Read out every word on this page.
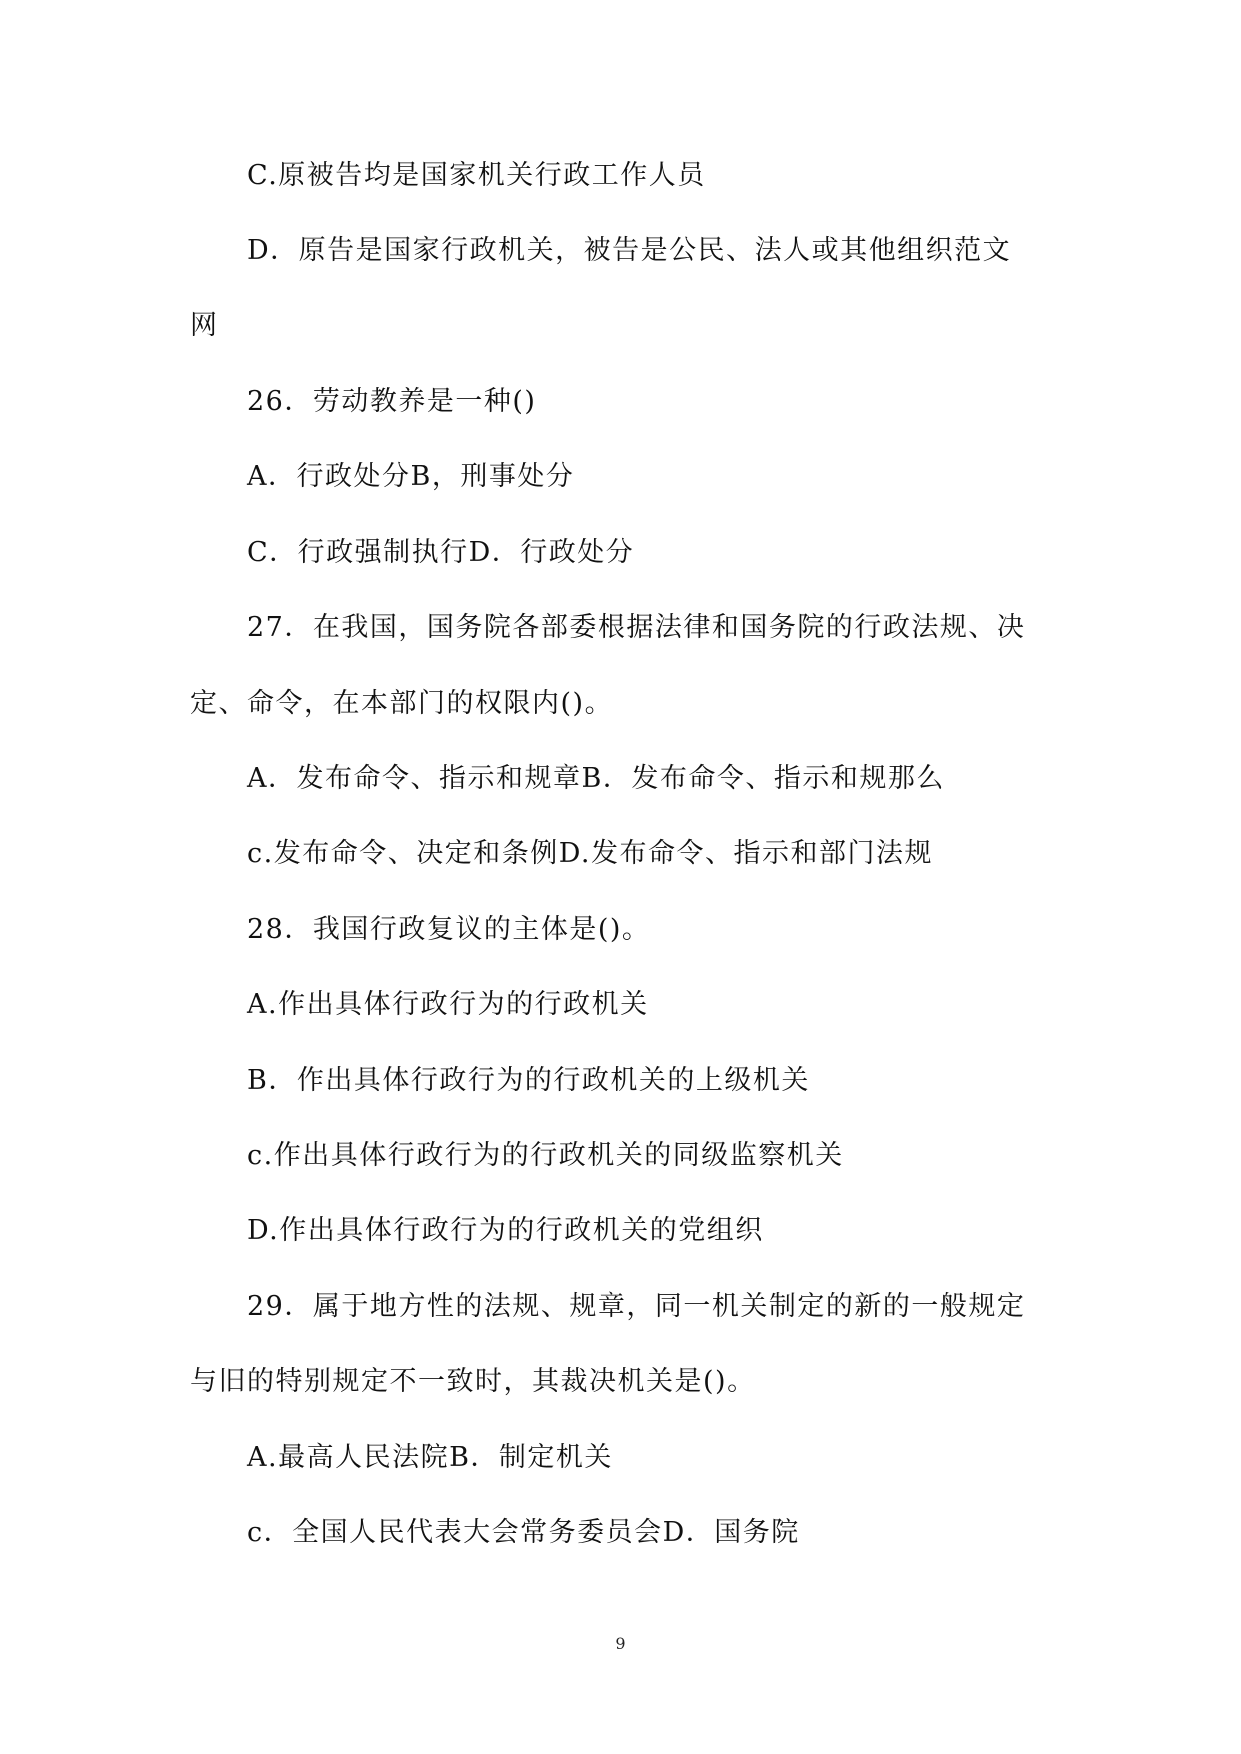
C.原被告均是国家机关行政工作人员
D．原告是国家行政机关，被告是公民、法人或其他组织范文
网
26．劳动教养是一种()
A．行政处分B，刑事处分
C．行政强制执行D．行政处分
27．在我国，国务院各部委根据法律和国务院的行政法规、决
定、命令，在本部门的权限内()。
A．发布命令、指示和规章B．发布命令、指示和规那么
c.发布命令、决定和条例D.发布命令、指示和部门法规
28．我国行政复议的主体是()。
A.作出具体行政行为的行政机关
B．作出具体行政行为的行政机关的上级机关
c.作出具体行政行为的行政机关的同级监察机关
D.作出具体行政行为的行政机关的党组织
29．属于地方性的法规、规章，同一机关制定的新的一般规定
与旧的特别规定不一致时，其裁决机关是()。
A.最高人民法院B．制定机关
c．全国人民代表大会常务委员会D．国务院
9
